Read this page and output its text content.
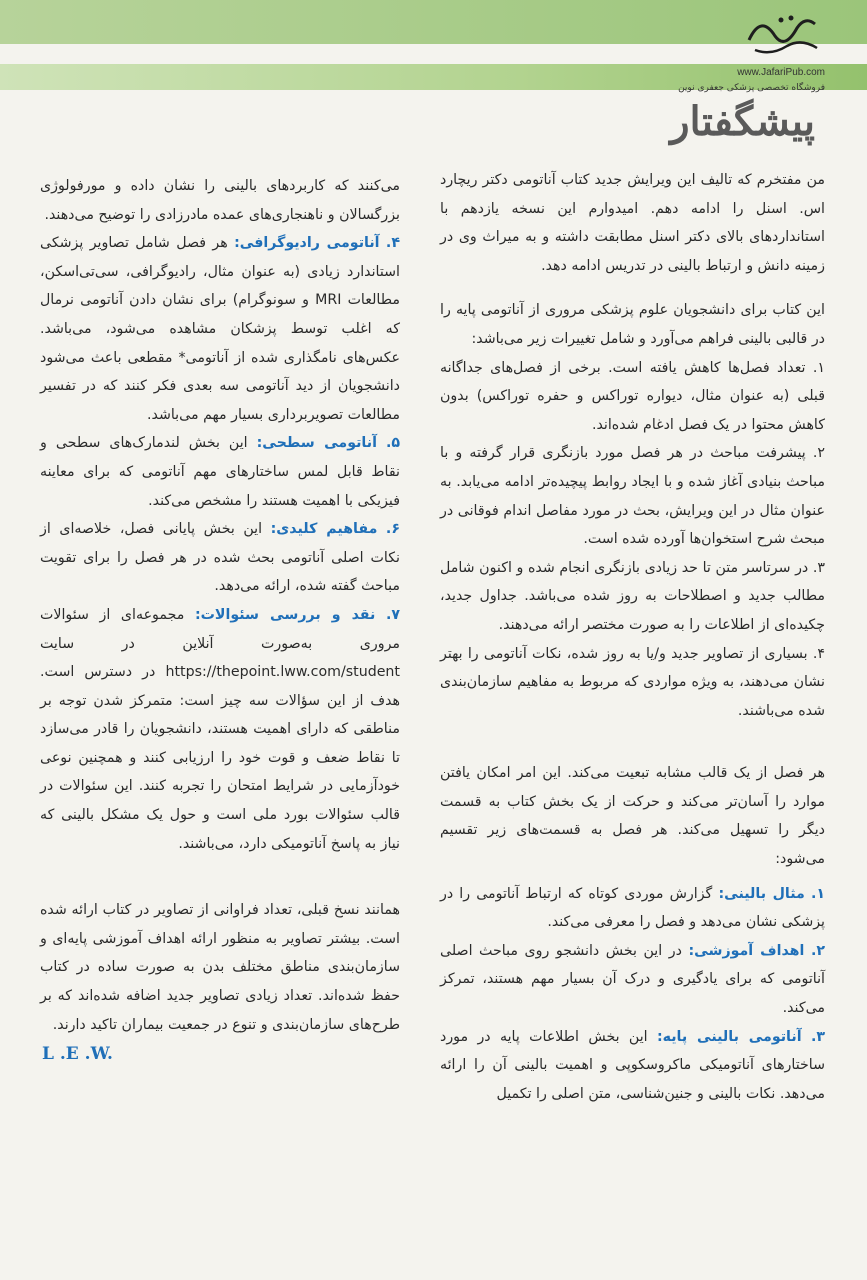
www.JafariPub.com
فروشگاه تخصصی پزشکی جعفری نوین
پیشگفتار

من مفتخرم که تالیف این ویرایش جدید کتاب آناتومی دکتر ریچارد اس. اسنل را ادامه دهم. امیدوارم این نسخه یازدهم با استانداردهای بالای دکتر اسنل مطابقت داشته و به میراث وی در زمینه دانش و ارتباط بالینی در تدریس ادامه دهد.

این کتاب برای دانشجویان علوم پزشکی مروری از آناتومی پایه را در قالبی بالینی فراهم می‌آورد و شامل تغییرات زیر می‌باشد:

۱. تعداد فصل‌ها کاهش یافته است. برخی از فصل‌های جداگانه قبلی (به عنوان مثال، دیواره توراکس و حفره توراکس) بدون کاهش محتوا در یک فصل ادغام شده‌اند.
۲. پیشرفت مباحث در هر فصل مورد بازنگری قرار گرفته و با مباحث بنیادی آغاز شده و با ایجاد روابط پیچیده‌تر ادامه می‌یابد. به عنوان مثال در این ویرایش، بحث در مورد مفاصل اندام فوقانی در مبحث شرح استخوان‌ها آورده شده است.
۳. در سرتاسر متن تا حد زیادی بازنگری انجام شده و اکنون شامل مطالب جدید و اصطلاحات به روز شده می‌باشد. جداول جدید، چکیده‌ای از اطلاعات را به صورت مختصر ارائه می‌دهند.
۴. بسیاری از تصاویر جدید و/یا به روز شده، نکات آناتومی را بهتر نشان می‌دهند، به ویژه مواردی که مربوط به مفاهیم سازمان‌بندی شده می‌باشند.

هر فصل از یک قالب مشابه تبعیت می‌کند. این امر امکان یافتن موارد را آسان‌تر می‌کند و حرکت از یک بخش کتاب به قسمت دیگر را تسهیل می‌کند. هر فصل به قسمت‌های زیر تقسیم می‌شود:

۱. مثال بالینی: گزارش موردی کوتاه که ارتباط آناتومی را در پزشکی نشان می‌دهد و فصل را معرفی می‌کند.
۲. اهداف آموزشی: در این بخش دانشجو روی مباحث اصلی آناتومی که برای یادگیری و درک آن بسیار مهم هستند، تمرکز می‌کند.
۳. آناتومی بالینی پایه: این بخش اطلاعات پایه در مورد ساختارهای آناتومیکی ماکروسکوپی و اهمیت بالینی آن را ارائه می‌دهد. نکات بالینی و جنین‌شناسی، متن اصلی را تکمیل
می‌کنند که کاربردهای بالینی را نشان داده و مورفولوژی بزرگسالان و ناهنجاری‌های عمده مادرزادی را توضیح می‌دهند.
۴. آناتومی رادیوگرافی: هر فصل شامل تصاویر پزشکی استاندارد زیادی (به عنوان مثال، رادیوگرافی، سی‌تی‌اسکن، مطالعات MRI و سونوگرام) برای نشان دادن آناتومی نرمال که اغلب توسط پزشکان مشاهده می‌شود، می‌باشد. عکس‌های نامگذاری شده از آناتومی* مقطعی باعث می‌شود دانشجویان از دید آناتومی سه بعدی فکر کنند که در تفسیر مطالعات تصویربرداری بسیار مهم می‌باشد.
۵. آناتومی سطحی: این بخش لندمارک‌های سطحی و نقاط قابل لمس ساختارهای مهم آناتومی که برای معاینه فیزیکی با اهمیت هستند را مشخص می‌کند.
۶. مفاهیم کلیدی: این بخش پایانی فصل، خلاصه‌ای از نکات اصلی آناتومی بحث شده در هر فصل را برای تقویت مباحث گفته شده، ارائه می‌دهد.
۷. نقد و بررسی سئوالات: مجموعه‌ای از سئوالات مروری به‌صورت آنلاین در سایت https://thepoint.lww.com/student در دسترس است. هدف از این سؤالات سه چیز است: متمرکز شدن توجه بر مناطقی که دارای اهمیت هستند، دانشجویان را قادر می‌سازد تا نقاط ضعف و قوت خود را ارزیابی کنند و همچنین نوعی خودآزمایی در شرایط امتحان را تجربه کنند. این سئوالات در قالب سئوالات بورد ملی است و حول یک مشکل بالینی که نیاز به پاسخ آناتومیکی دارد، می‌باشند.

همانند نسخ قبلی، تعداد فراوانی از تصاویر در کتاب ارائه شده است. بیشتر تصاویر به منظور ارائه اهداف آموزشی پایه‌ای و سازمان‌بندی مناطق مختلف بدن به صورت ساده در کتاب حفظ شده‌اند. تعداد زیادی تصاویر جدید اضافه شده‌اند که بر طرح‌های سازمان‌بندی و تنوع در جمعیت بیماران تاکید دارند.

L .E .W.
